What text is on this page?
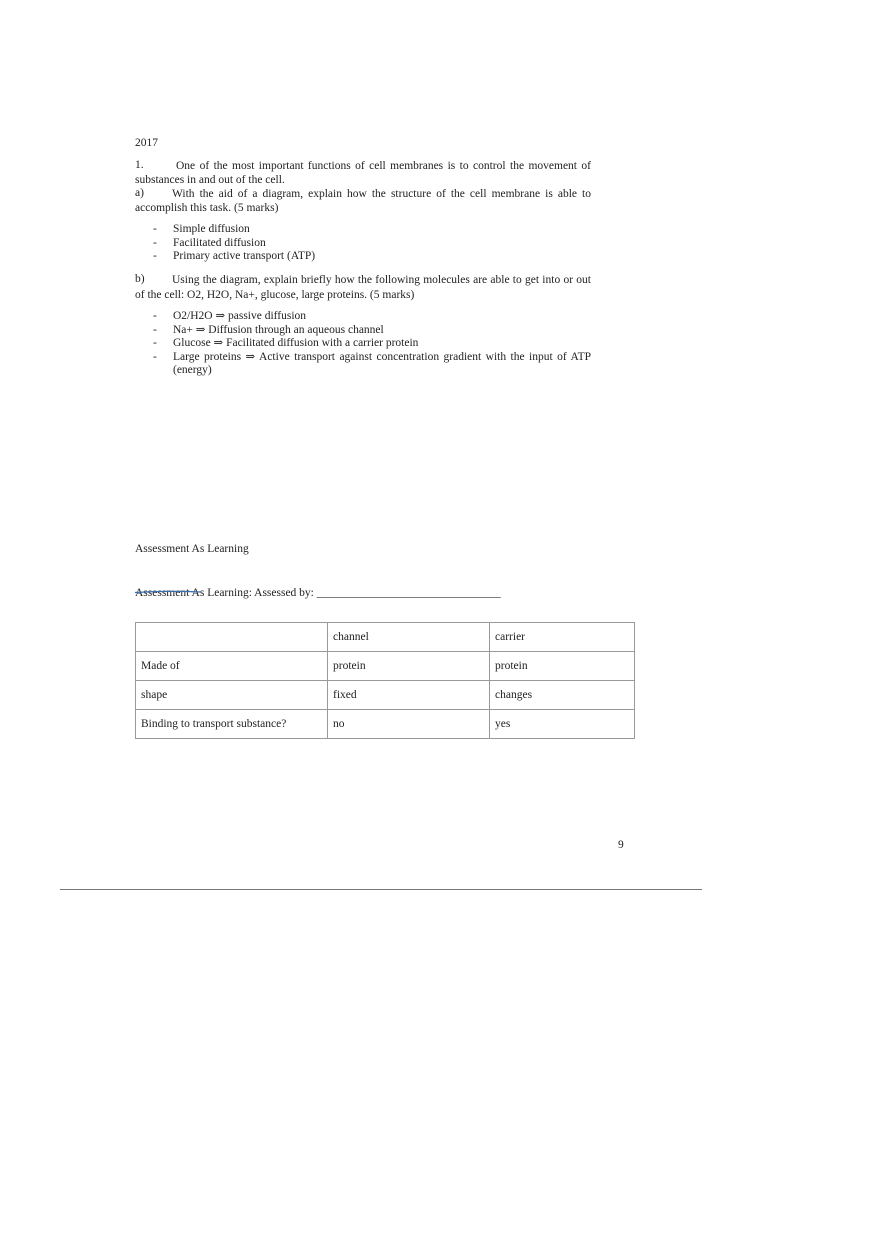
2017
1.	One of the most important functions of cell membranes is to control the movement of substances in and out of the cell.
a)	With the aid of a diagram, explain how the structure of the cell membrane is able to accomplish this task. (5 marks)
- Simple diffusion
- Facilitated diffusion
- Primary active transport (ATP)
b)	Using the diagram, explain briefly how the following molecules are able to get into or out of the cell: O2, H2O, Na+, glucose, large proteins. (5 marks)
- O2/H2O ⇒ passive diffusion
- Na+ ⇒ Diffusion through an aqueous channel
- Glucose ⇒ Facilitated diffusion with a carrier protein
- Large proteins ⇒ Active transport against concentration gradient with the input of ATP (energy)
Assessment As Learning
Assessment As Learning: Assessed by: ________________________________
	channel	carrier
Made of	protein	protein
shape	fixed	changes
Binding to transport substance?	no	yes
9
